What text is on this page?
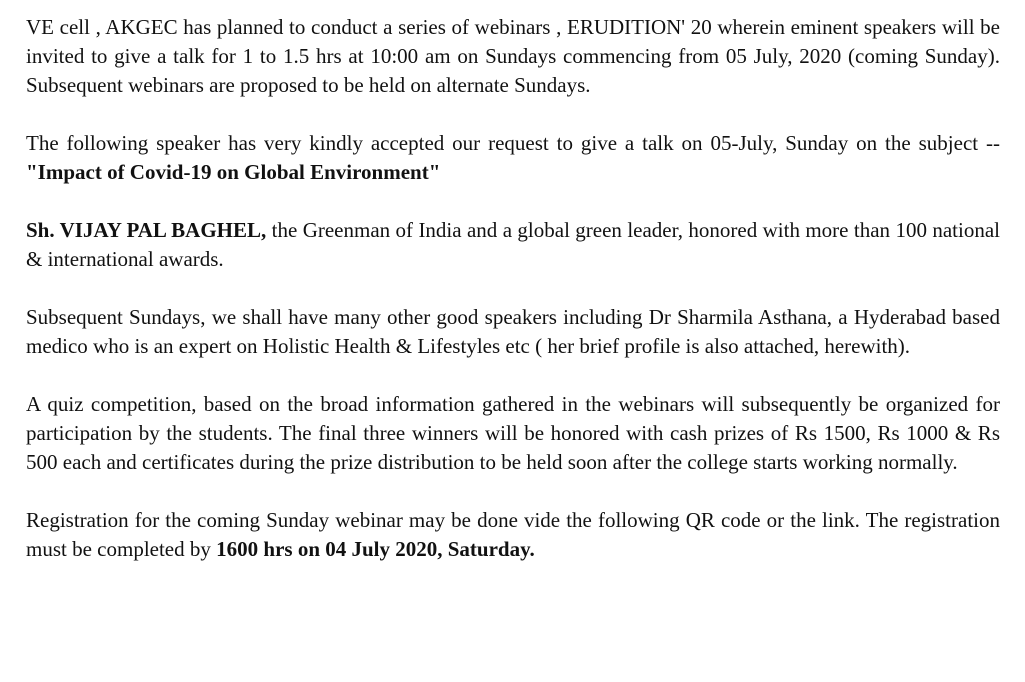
VE cell , AKGEC has planned to conduct a series of webinars , ERUDITION' 20 wherein eminent speakers will be invited to give a talk for 1 to 1.5 hrs at 10:00 am on Sundays commencing from 05 July, 2020 (coming Sunday). Subsequent webinars are proposed to be held on alternate Sundays.

The following speaker has very kindly accepted our request to give a talk on 05-July, Sunday on the subject -- "Impact of Covid-19 on Global Environment"

Sh. VIJAY PAL BAGHEL, the Greenman of India and a global green leader, honored with more than 100 national & international awards.

Subsequent Sundays, we shall have many other good speakers including Dr Sharmila Asthana, a Hyderabad based medico who is an expert on Holistic Health & Lifestyles etc ( her brief profile is also attached, herewith).

A quiz competition, based on the broad information gathered in the webinars will subsequently be organized for participation by the students. The final three winners will be honored with cash prizes of Rs 1500, Rs 1000 & Rs 500 each and certificates during the prize distribution to be held soon after the college starts working normally.

Registration for the coming Sunday webinar may be done vide the following QR code or the link. The registration must be completed by 1600 hrs on 04 July 2020, Saturday.
